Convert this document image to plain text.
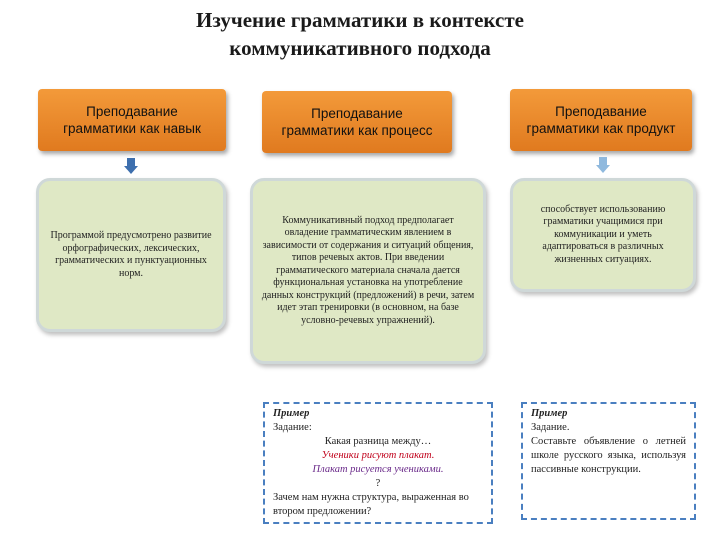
Изучение грамматики в контексте
коммуникативного подхода
Преподавание
грамматики как навык
Преподавание
грамматики как процесс
Преподавание
грамматики как продукт
Программой предусмотрено развитие орфографических, лексических, грамматических и пунктуационных норм.
Коммуникативный подход предполагает овладение грамматическим явлением в зависимости от содержания и ситуаций общения, типов речевых актов. При введении грамматического материала сначала дается функциональная установка на употребление данных конструкций (предложений) в речи, затем идет этап тренировки (в основном, на базе условно-речевых упражнений).
способствует использованию грамматики учащимися при коммуникации и уметь адаптироваться в различных жизненных ситуациях.
Пример
Задание:
Какая разница между…
Ученики рисуют плакат.
Плакат рисуется учениками.
?
Зачем нам нужна структура, выраженная во втором предложении?
Пример
Задание.
Составьте объявление о летней школе русского языка, используя пассивные конструкции.
